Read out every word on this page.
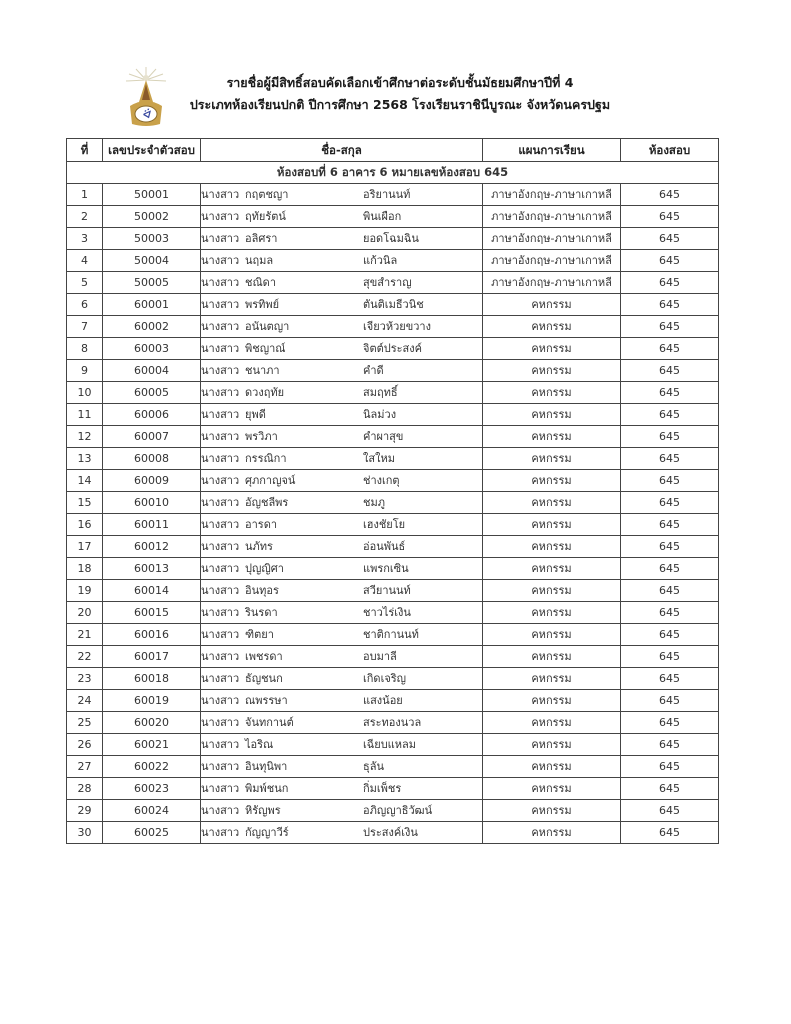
ᐛ
รายชื่อผู้มีสิทธิ์สอบคัดเลือกเข้าศึกษาต่อระดับชั้นมัธยมศึกษาปีที่ 4
ประเภทห้องเรียนปกติ ปีการศึกษา 2568 โรงเรียนราชินีบูรณะ จังหวัดนครปฐม
ที่	เลขประจำตัวสอบ	ชื่อ-สกุล	แผนการเรียน	ห้องสอบ
ห้องสอบที่ 6 อาคาร 6 หมายเลขห้องสอบ 645				
1	50001	นางสาว กฤตชญา อริยานนท์	ภาษาอังกฤษ-ภาษาเกาหลี	645
2	50002	นางสาว ฤทัยรัตน์ พินเผือก	ภาษาอังกฤษ-ภาษาเกาหลี	645
3	50003	นางสาว อลิศรา ยอดโฉมฉิน	ภาษาอังกฤษ-ภาษาเกาหลี	645
4	50004	นางสาว นฤมล แก้วนิล	ภาษาอังกฤษ-ภาษาเกาหลี	645
5	50005	นางสาว ชณิดา สุขสำราญ	ภาษาอังกฤษ-ภาษาเกาหลี	645
6	60001	นางสาว พรทิพย์ ตันติเมธีวนิช	คหกรรม	645
7	60002	นางสาว อนันตญา เจียวห้วยขวาง	คหกรรม	645
8	60003	นางสาว พิชญาณ์ จิตต์ประสงค์	คหกรรม	645
9	60004	นางสาว ชนาภา คำดี	คหกรรม	645
10	60005	นางสาว ดวงฤทัย สมฤทธิ์	คหกรรม	645
11	60006	นางสาว ยุพดี นิลม่วง	คหกรรม	645
12	60007	นางสาว พรวิภา คำผาสุข	คหกรรม	645
13	60008	นางสาว กรรณิกา ใสใหม	คหกรรม	645
14	60009	นางสาว ศุภกาญจน์ ช่างเกตุ	คหกรรม	645
15	60010	นางสาว อัญชลีพร ชมภู	คหกรรม	645
16	60011	นางสาว อารดา เฮงชัยโย	คหกรรม	645
17	60012	นางสาว นภัทร อ่อนพันธ์	คหกรรม	645
18	60013	นางสาว ปุญญิศา แพรกเซิน	คหกรรม	645
19	60014	นางสาว อินทุอร สวียานนท์	คหกรรม	645
20	60015	นางสาว รินรดา ชาวไร่เงิน	คหกรรม	645
21	60016	นางสาว ฑิตยา ชาติกานนท์	คหกรรม	645
22	60017	นางสาว เพชรดา อบมาลี	คหกรรม	645
23	60018	นางสาว ธัญชนก เกิดเจริญ	คหกรรม	645
24	60019	นางสาว ณพรรษา แสงน้อย	คหกรรม	645
25	60020	นางสาว จันทกานต์ สระทองนวล	คหกรรม	645
26	60021	นางสาว ไอริณ เฉียบแหลม	คหกรรม	645
27	60022	นางสาว อินทุนิพา ธุลัน	คหกรรม	645
28	60023	นางสาว พิมพ์ชนก กิ่มเพ็ชร	คหกรรม	645
29	60024	นางสาว หิรัญพร อภิญญาธิวัฒน์	คหกรรม	645
30	60025	นางสาว กัญญาวีร์ ประสงค์เงิน	คหกรรม	645
